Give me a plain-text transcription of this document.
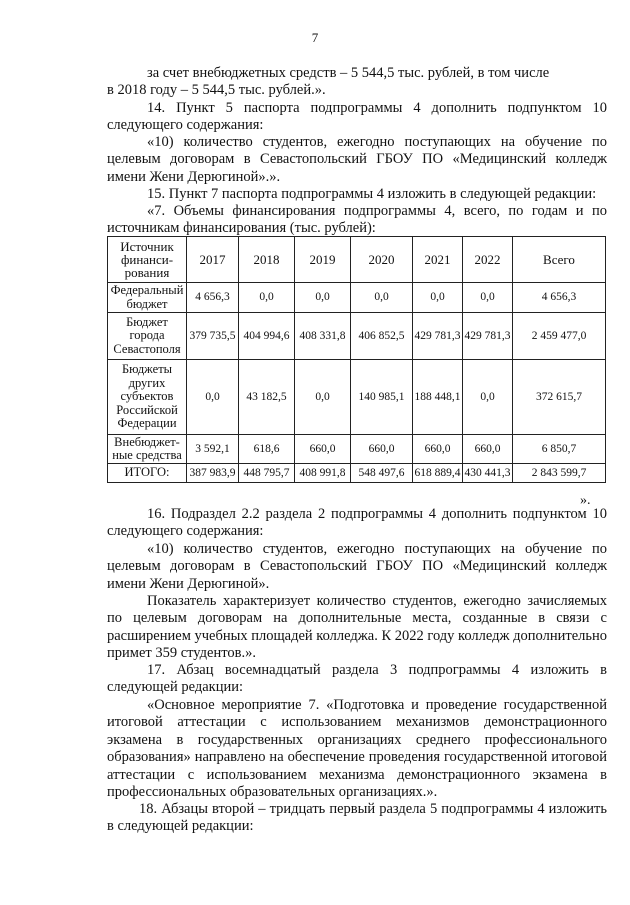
7
за счет внебюджетных средств – 5 544,5 тыс. рублей, в том числе
в 2018 году – 5 544,5 тыс. рублей.».
14. Пункт 5 паспорта подпрограммы 4 дополнить подпунктом 10 следующего содержания:
«10) количество студентов, ежегодно поступающих на обучение по целевым договорам в Севастопольский ГБОУ ПО «Медицинский колледж имени Жени Дерюгиной».».
15. Пункт 7 паспорта подпрограммы 4 изложить в следующей редакции:
«7. Объемы финансирования подпрограммы 4, всего, по годам и по источникам финансирования (тыс. рублей):
Источник финанси-рования	2017	2018	2019	2020	2021	2022	Всего
Федеральный бюджет	4 656,3	0,0	0,0	0,0	0,0	0,0	4 656,3
Бюджет города Севастополя	379 735,5	404 994,6	408 331,8	406 852,5	429 781,3	429 781,3	2 459 477,0
Бюджеты других субъектов Российской Федерации	0,0	43 182,5	0,0	140 985,1	188 448,1	0,0	372 615,7
Внебюджет-ные средства	3 592,1	618,6	660,0	660,0	660,0	660,0	6 850,7
ИТОГО:	387 983,9	448 795,7	408 991,8	548 497,6	618 889,4	430 441,3	2 843 599,7
».
16. Подраздел 2.2 раздела 2 подпрограммы 4 дополнить подпунктом 10 следующего содержания:
«10) количество студентов, ежегодно поступающих на обучение по целевым договорам в Севастопольский ГБОУ ПО «Медицинский колледж имени Жени Дерюгиной».
Показатель характеризует количество студентов, ежегодно зачисляемых по целевым договорам на дополнительные места, созданные в связи с расширением учебных площадей колледжа. К 2022 году колледж дополнительно примет 359 студентов.».
17. Абзац восемнадцатый раздела 3 подпрограммы 4 изложить в следующей редакции:
«Основное мероприятие 7. «Подготовка и проведение государственной итоговой аттестации с использованием механизмов демонстрационного экзамена в государственных организациях среднего профессионального образования» направлено на обеспечение проведения государственной итоговой аттестации с использованием механизма демонстрационного экзамена в профессиональных образовательных организациях.».
18. Абзацы второй – тридцать первый раздела 5 подпрограммы 4 изложить в следующей редакции:
